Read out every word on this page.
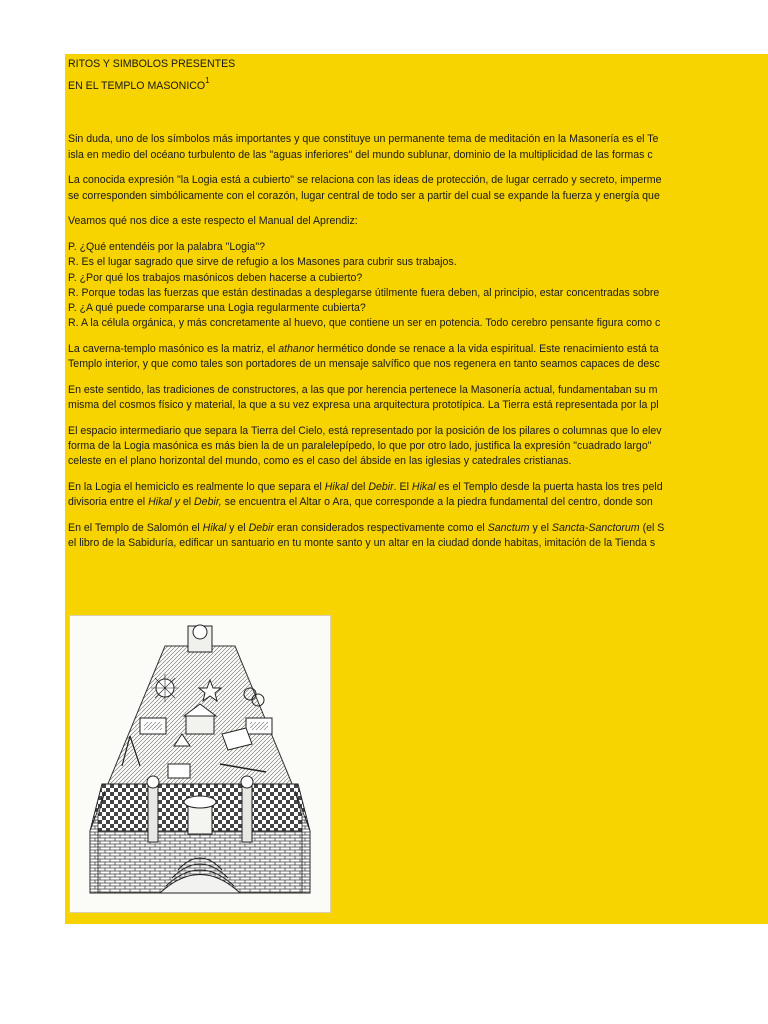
RITOS Y SIMBOLOS PRESENTES

EN EL TEMPLO MASONICO$^1$

Sin duda, uno de los símbolos más importantes y que constituye un permanente tema de meditación en la Masonería es el Te
isla en medio del océano turbulento de las "aguas inferiores" del mundo sublunar, dominio de la multiplicidad de las formas c

La conocida expresión "la Logia está a cubierto" se relaciona con las ideas de protección, de lugar cerrado y secreto, imperme
se corresponden simbólicamente con el corazón, lugar central de todo ser a partir del cual se expande la fuerza y energía que

Veamos qué nos dice a este respecto el Manual del Aprendiz:

P. ¿Qué entendéis por la palabra "Logia"?
R. Es el lugar sagrado que sirve de refugio a los Masones para cubrir sus trabajos.
P. ¿Por qué los trabajos masónicos deben hacerse a cubierto?
R. Porque todas las fuerzas que están destinadas a desplegarse útilmente fuera deben, al principio, estar concentradas sobre
P. ¿A qué puede compararse una Logia regularmente cubierta?
R. A la célula orgánica, y más concretamente al huevo, que contiene un ser en potencia. Todo cerebro pensante figura como c

La caverna-templo masónico es la matriz, el athanor hermético donde se renace a la vida espiritual. Este renacimiento está ta
Templo interior, y que como tales son portadores de un mensaje salvífico que nos regenera en tanto seamos capaces de desc

En este sentido, las tradiciones de constructores, a las que por herencia pertenece la Masonería actual, fundamentaban su m
misma del cosmos físico y material, la que a su vez expresa una arquitectura prototípica. La Tierra está representada por la pl

El espacio intermediario que separa la Tierra del Cielo, está representado por la posición de los pilares o columnas que lo elev
forma de la Logia masónica es más bien la de un paralelepípedo, lo que por otro lado, justifica la expresión "cuadrado largo"
celeste en el plano horizontal del mundo, como es el caso del ábside en las iglesias y catedrales cristianas.

En la Logia el hemiciclo es realmente lo que separa el Hikal del Debir. El Hikal es el Templo desde la puerta hasta los tres peld
divisoria entre el Hikal y el Debir, se encuentra el Altar o Ara, que corresponde a la piedra fundamental del centro, donde son

En el Templo de Salomón el Hikal y el Debir eran considerados respectivamente como el Sanctum y el Sancta-Sanctorum (el S
el libro de la Sabiduría, edificar un santuario en tu monte santo y un altar en la ciudad donde habitas, imitación de la Tienda s
